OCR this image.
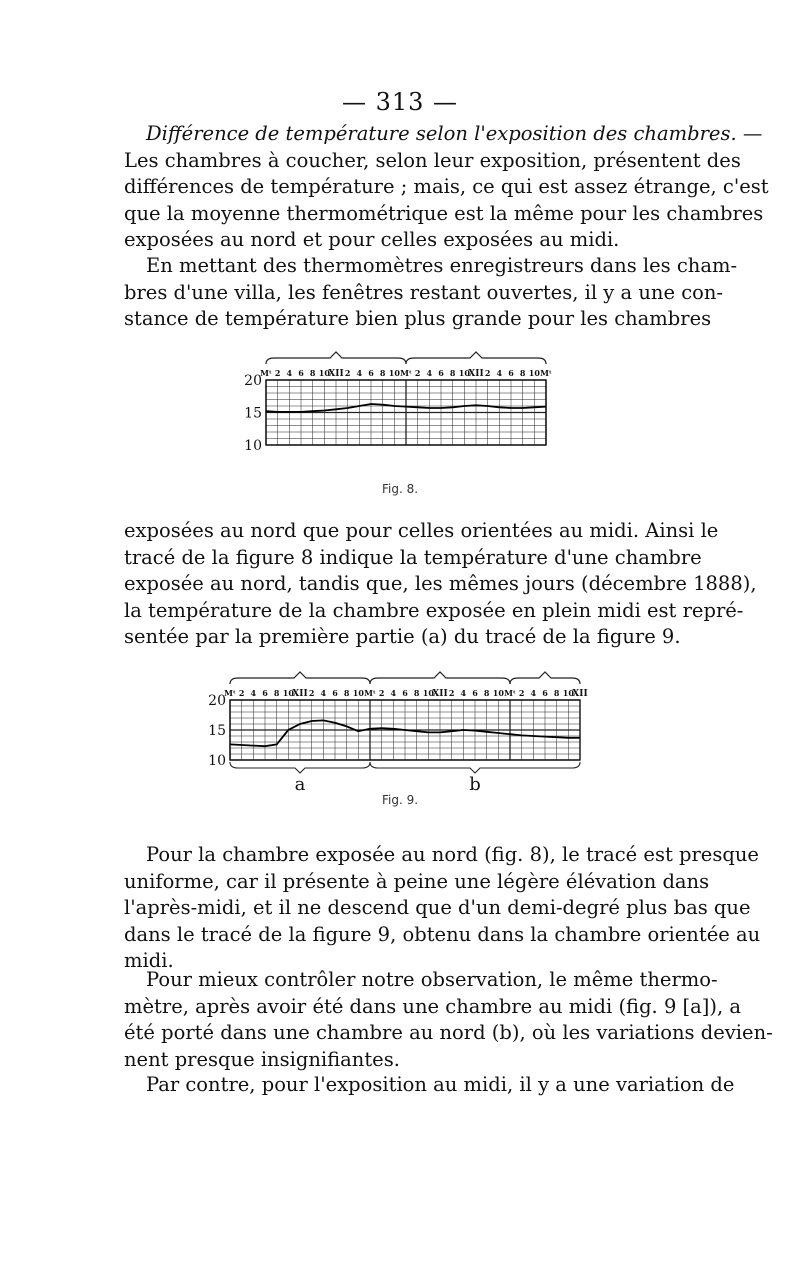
— 313 —
Différence de température selon l'exposition des chambres. —
Les chambres à coucher, selon leur exposition, présentent des
différences de température ; mais, ce qui est assez étrange, c'est
que la moyenne thermométrique est la même pour les chambres
exposées au nord et pour celles exposées au midi.
En mettant des thermomètres enregistreurs dans les cham-
bres d'une villa, les fenêtres restant ouvertes, il y a une con-
stance de température bien plus grande pour les chambres
20
15
10
Mᵗ 2 4 6 8 10
XII 2 4 6 8 10 Mᵗ 2 4 6 8 10
XII 2 4 6 8 10 Mᵗ
Fig. 8.
exposées au nord que pour celles orientées au midi. Ainsi le
tracé de la figure 8 indique la température d'une chambre
exposée au nord, tandis que, les mêmes jours (décembre 1888),
la température de la chambre exposée en plein midi est repré-
sentée par la première partie (a) du tracé de la figure 9.
20
15
10
Mᵗ 2 4 6 8 10
XII 2 4 6 8 10 Mᵗ 2 4 6 8 10
XII 2 4 6 8 10 Mᵗ 2 4 6 8 10
XII
a	b
Fig. 9.
Pour la chambre exposée au nord (fig. 8), le tracé est presque
uniforme, car il présente à peine une légère élévation dans
l'après-midi, et il ne descend que d'un demi-degré plus bas que
dans le tracé de la figure 9, obtenu dans la chambre orientée au
midi.
Pour mieux contrôler notre observation, le même thermo-
mètre, après avoir été dans une chambre au midi (fig. 9 [a]), a
été porté dans une chambre au nord (b), où les variations devien-
nent presque insignifiantes.
Par contre, pour l'exposition au midi, il y a une variation de
